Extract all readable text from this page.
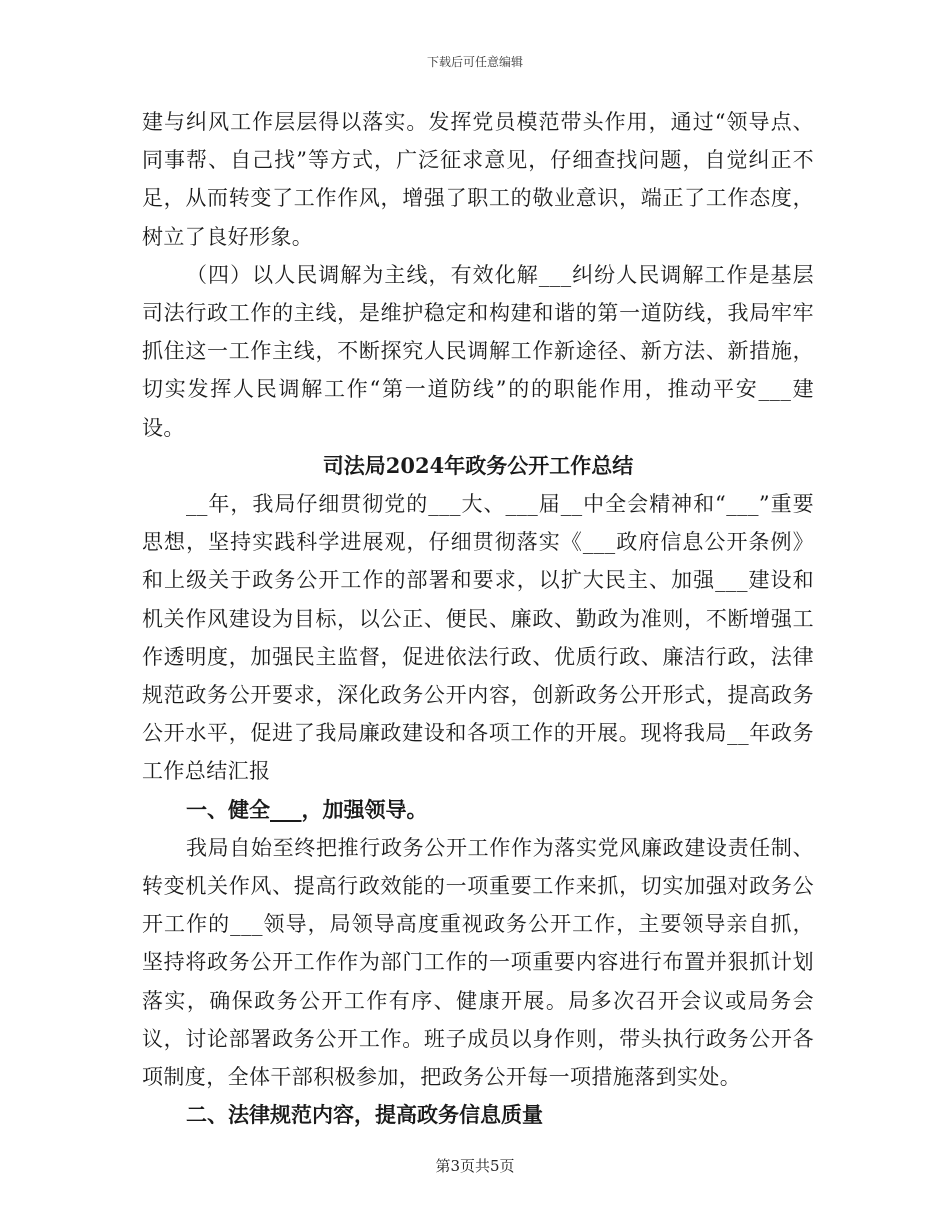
下载后可任意编辑

建与纠风工作层层得以落实。发挥党员模范带头作用，通过“领导点、同事帮、自己找”等方式，广泛征求意见，仔细查找问题，自觉纠正不足，从而转变了工作作风，增强了职工的敬业意识，端正了工作态度，树立了良好形象。

（四）以人民调解为主线，有效化解___纠纷人民调解工作是基层司法行政工作的主线，是维护稳定和构建和谐的第一道防线，我局牢牢抓住这一工作主线，不断探究人民调解工作新途径、新方法、新措施，切实发挥人民调解工作“第一道防线”的的职能作用，推动平安___建设。

司法局2024年政务公开工作总结

__年，我局仔细贯彻党的___大、___届__中全会精神和“___”重要思想，坚持实践科学进展观，仔细贯彻落实《___政府信息公开条例》和上级关于政务公开工作的部署和要求，以扩大民主、加强___建设和机关作风建设为目标，以公正、便民、廉政、勤政为准则，不断增强工作透明度，加强民主监督，促进依法行政、优质行政、廉洁行政，法律规范政务公开要求，深化政务公开内容，创新政务公开形式，提高政务公开水平，促进了我局廉政建设和各项工作的开展。现将我局__年政务工作总结汇报

一、健全___，加强领导。

我局自始至终把推行政务公开工作作为落实党风廉政建设责任制、转变机关作风、提高行政效能的一项重要工作来抓，切实加强对政务公开工作的___领导，局领导高度重视政务公开工作，主要领导亲自抓，坚持将政务公开工作作为部门工作的一项重要内容进行布置并狠抓计划落实，确保政务公开工作有序、健康开展。局多次召开会议或局务会议，讨论部署政务公开工作。班子成员以身作则，带头执行政务公开各项制度，全体干部积极参加，把政务公开每一项措施落到实处。

二、法律规范内容，提高政务信息质量

第3页共5页
